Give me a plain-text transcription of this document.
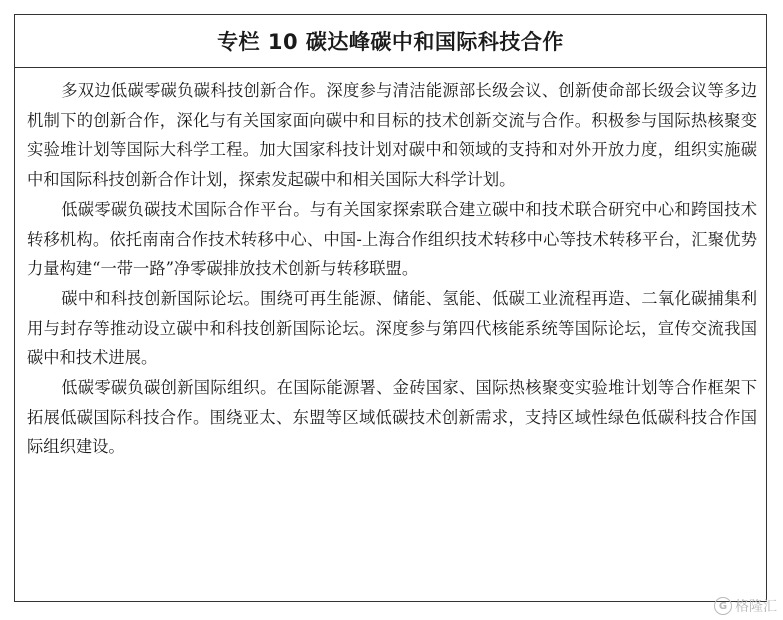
专栏 10 碳达峰碳中和国际科技合作

多双边低碳零碳负碳科技创新合作。深度参与清洁能源部长级会议、创新使命部长级会议等多边机制下的创新合作，深化与有关国家面向碳中和目标的技术创新交流与合作。积极参与国际热核聚变实验堆计划等国际大科学工程。加大国家科技计划对碳中和领域的支持和对外开放力度，组织实施碳中和国际科技创新合作计划，探索发起碳中和相关国际大科学计划。

低碳零碳负碳技术国际合作平台。与有关国家探索联合建立碳中和技术联合研究中心和跨国技术转移机构。依托南南合作技术转移中心、中国-上海合作组织技术转移中心等技术转移平台，汇聚优势力量构建“一带一路”净零碳排放技术创新与转移联盟。

碳中和科技创新国际论坛。围绕可再生能源、储能、氢能、低碳工业流程再造、二氧化碳捕集利用与封存等推动设立碳中和科技创新国际论坛。深度参与第四代核能系统等国际论坛，宣传交流我国碳中和技术进展。

低碳零碳负碳创新国际组织。在国际能源署、金砖国家、国际热核聚变实验堆计划等合作框架下拓展低碳国际科技合作。围绕亚太、东盟等区域低碳技术创新需求，支持区域性绿色低碳科技合作国际组织建设。

G 格隆汇
